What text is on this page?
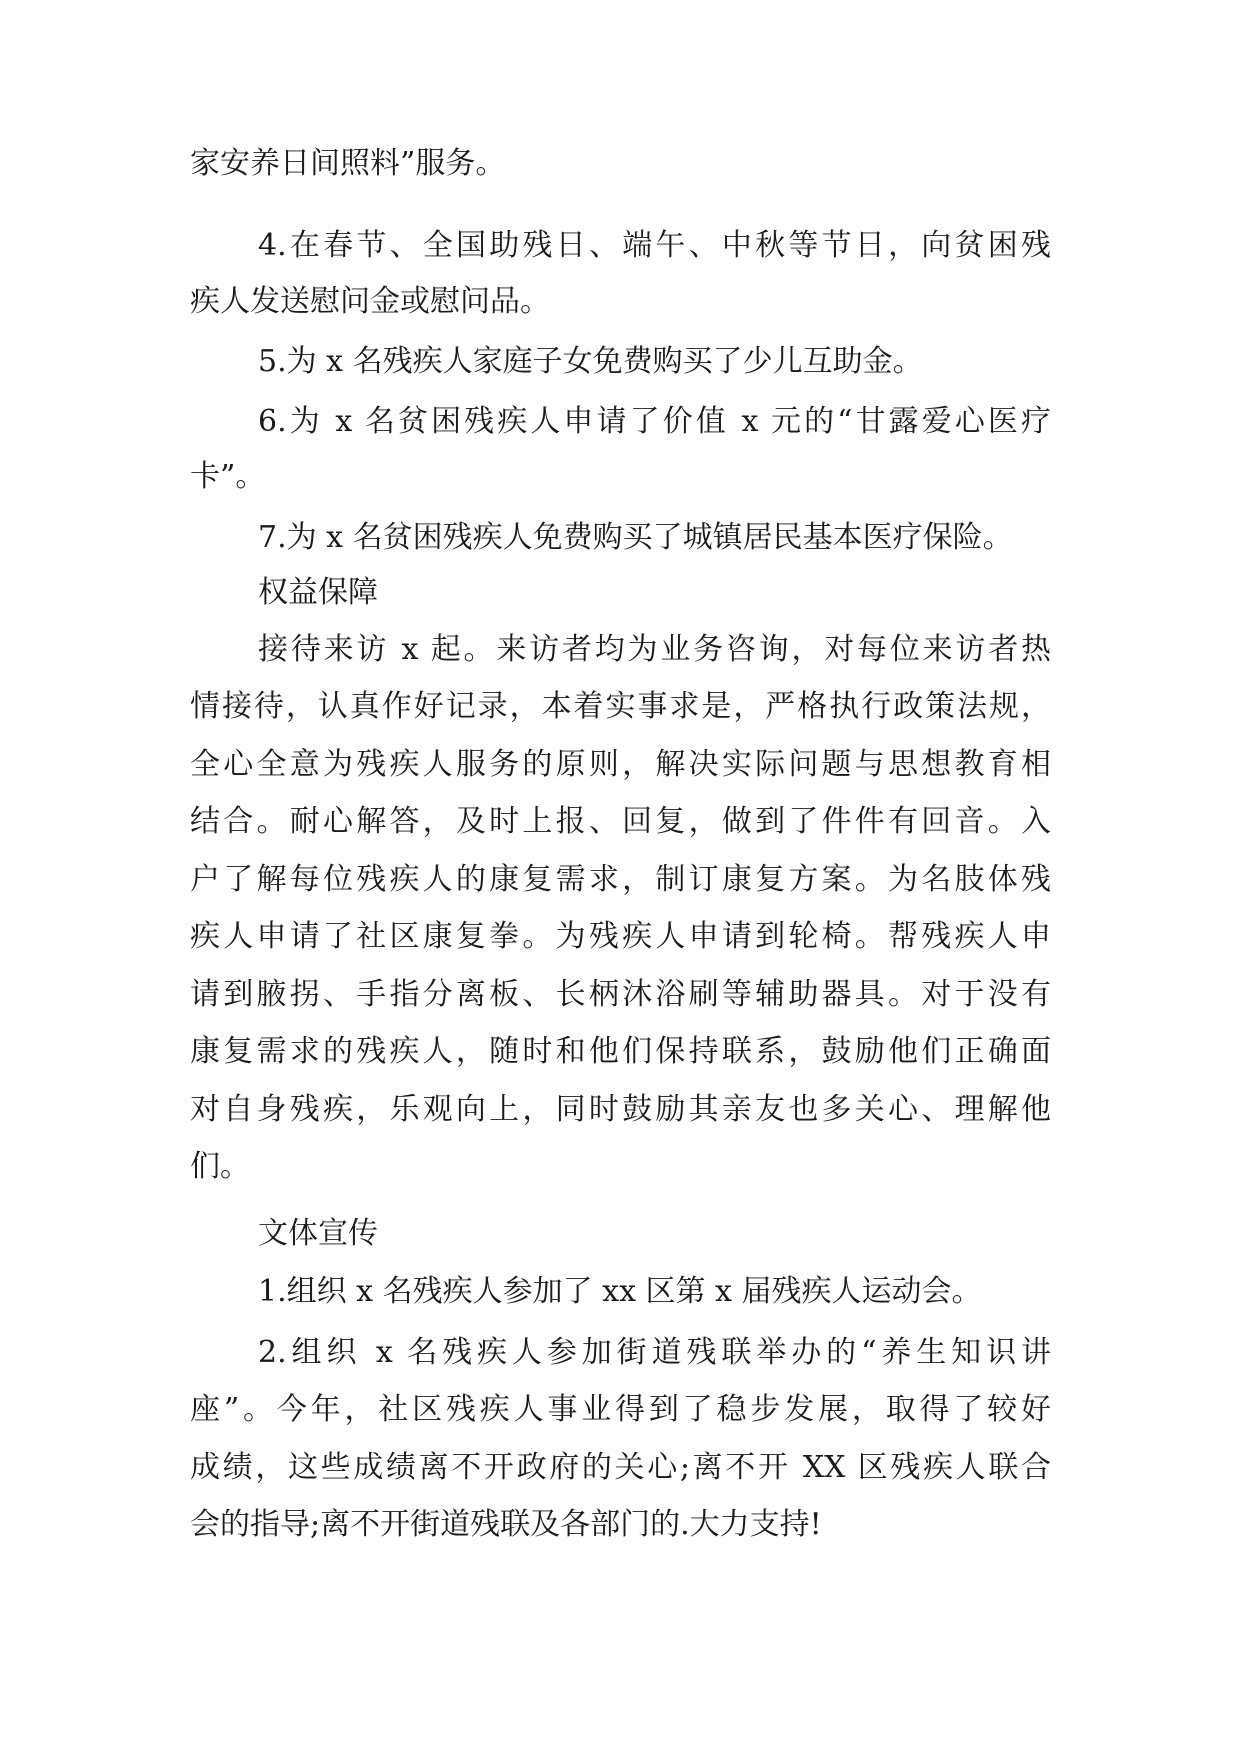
家安养日间照料”服务。
4.在春节、全国助残日、端午、中秋等节日，向贫困残
疾人发送慰问金或慰问品。
5.为 x 名残疾人家庭子女免费购买了少儿互助金。
6.为 x 名贫困残疾人申请了价值 x 元的“甘露爱心医疗
卡”。
7.为 x 名贫困残疾人免费购买了城镇居民基本医疗保险。
权益保障
接待来访 x 起。来访者均为业务咨询，对每位来访者热
情接待，认真作好记录，本着实事求是，严格执行政策法规，
全心全意为残疾人服务的原则，解决实际问题与思想教育相
结合。耐心解答，及时上报、回复，做到了件件有回音。入
户了解每位残疾人的康复需求，制订康复方案。为名肢体残
疾人申请了社区康复拳。为残疾人申请到轮椅。帮残疾人申
请到腋拐、手指分离板、长柄沐浴刷等辅助器具。对于没有
康复需求的残疾人，随时和他们保持联系，鼓励他们正确面
对自身残疾，乐观向上，同时鼓励其亲友也多关心、理解他
们。
文体宣传
1.组织 x 名残疾人参加了 xx 区第 x 届残疾人运动会。
2.组织 x 名残疾人参加街道残联举办的“养生知识讲
座”。今年，社区残疾人事业得到了稳步发展，取得了较好
成绩，这些成绩离不开政府的关心;离不开 XX 区残疾人联合
会的指导;离不开街道残联及各部门的.大力支持!
